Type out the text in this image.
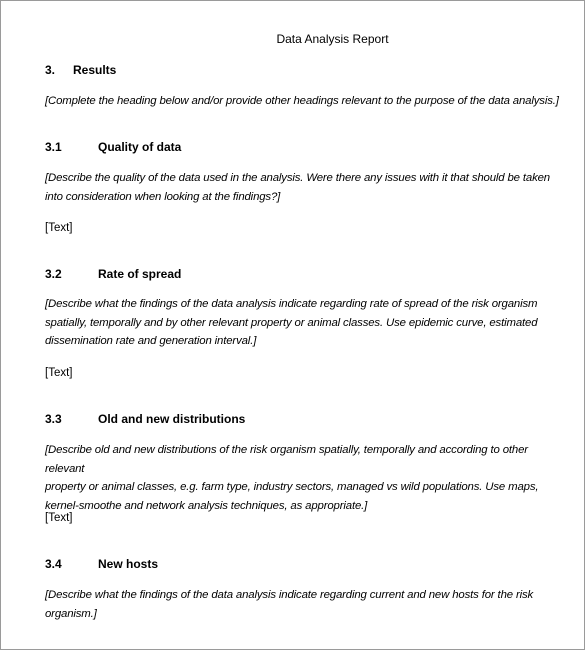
Data Analysis Report
3. Results
[Complete the heading below and/or provide other headings relevant to the purpose of the data analysis.]
3.1	Quality of data
[Describe the quality of the data used in the analysis. Were there any issues with it that should be taken
into consideration when looking at the findings?]
[Text]
3.2	Rate of spread
[Describe what the findings of the data analysis indicate regarding rate of spread of the risk organism
spatially, temporally and by other relevant property or animal classes. Use epidemic curve, estimated
dissemination rate and generation interval.]
[Text]
3.3	Old and new distributions
[Describe old and new distributions of the risk organism spatially, temporally and according to other relevant
property or animal classes, e.g. farm type, industry sectors, managed vs wild populations. Use maps,
kernel-smoothe and network analysis techniques, as appropriate.]
[Text]
3.4	New hosts
[Describe what the findings of the data analysis indicate regarding current and new hosts for the risk
organism.]
